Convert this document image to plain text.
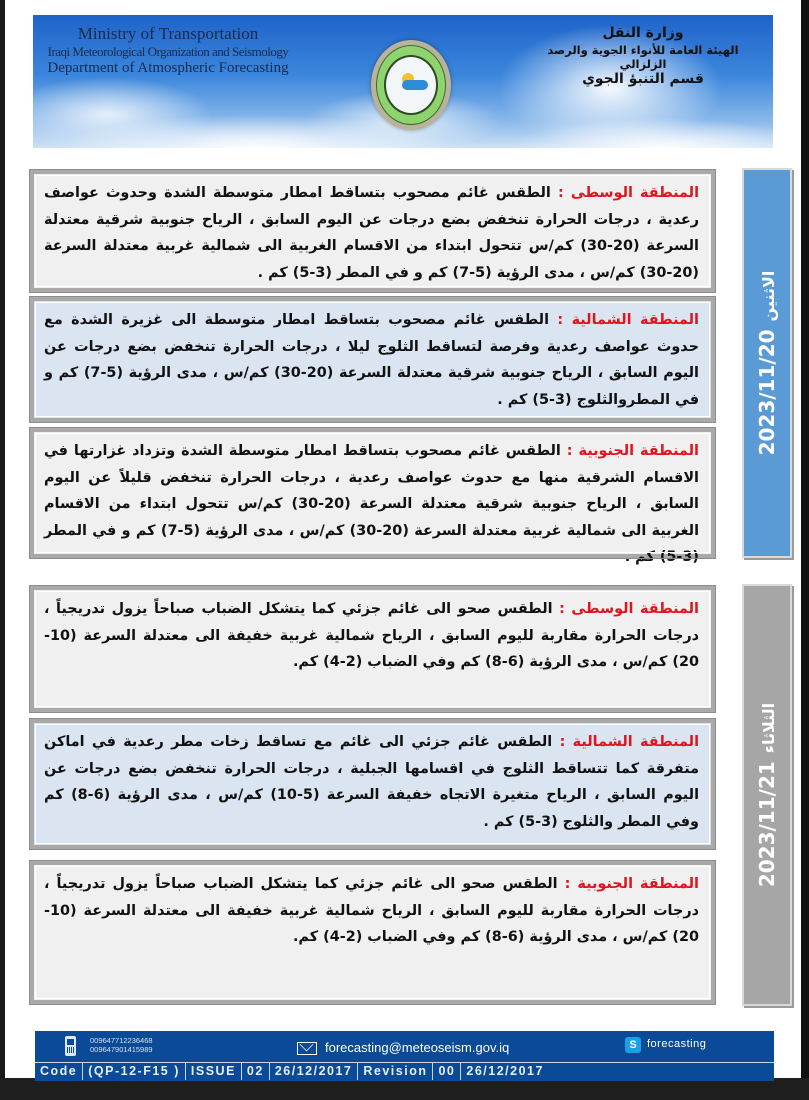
Ministry of Transportation
Iraqi Meteorological Organization and Seismology
Department of Atmospheric Forecasting
وزارة النقل
الهيئة العامة للأنواء الجوية والرصد الزلزالي
قسم التنبؤ الجوي
المنطقة الوسطى : الطقس غائم مصحوب بتساقط امطار متوسطة الشدة وحدوث عواصف رعدية ، درجات الحرارة تنخفض بضع درجات عن اليوم السابق ، الرياح جنوبية شرقية معتدلة السرعة (20-30) كم/س تتحول ابتداء من الاقسام الغربية الى شمالية غربية معتدلة السرعة (20-30) كم/س ، مدى الرؤية (5-7) كم و في المطر (3-5) كم .
المنطقة الشمالية : الطقس غائم مصحوب بتساقط امطار متوسطة الى غزيرة الشدة مع حدوث عواصف رعدية وفرصة لتساقط الثلوج ليلا ، درجات الحرارة تنخفض بضع درجات عن اليوم السابق ، الرياح جنوبية شرقية معتدلة السرعة (20-30) كم/س ، مدى الرؤية (5-7) كم و في المطروالثلوج (3-5) كم .
المنطقة الجنوبية : الطقس غائم مصحوب بتساقط امطار متوسطة الشدة وتزداد غزارتها في الاقسام الشرقية منها مع حدوث عواصف رعدية ، درجات الحرارة تنخفض قليلاً عن اليوم السابق ، الرياح جنوبية شرقية معتدلة السرعة (20-30) كم/س تتحول ابتداء من الاقسام الغربية الى شمالية غربية معتدلة السرعة (20-30) كم/س ، مدى الرؤية (5-7) كم و في المطر (3-5) كم .
2023/11/20الاثنين
المنطقة الوسطى : الطقس صحو الى غائم جزئي كما يتشكل الضباب صباحاً يزول تدريجياً ، درجات الحرارة مقاربة لليوم السابق ، الرياح شمالية غربية خفيفة الى معتدلة السرعة (10-20) كم/س ، مدى الرؤية (6-8) كم وفي الضباب (2-4) كم.
المنطقة الشمالية : الطقس غائم جزئي الى غائم مع تساقط زخات مطر رعدية في اماكن متفرقة كما تتساقط الثلوج في اقسامها الجبلية ، درجات الحرارة تنخفض بضع درجات عن اليوم السابق ، الرياح متغيرة الاتجاه خفيفة السرعة (5-10) كم/س ، مدى الرؤية (6-8) كم وفي المطر والثلوج (3-5) كم .
المنطقة الجنوبية : الطقس صحو الى غائم جزئي كما يتشكل الضباب صباحاً يزول تدريجياً ، درجات الحرارة مقاربة لليوم السابق ، الرياح شمالية غربية خفيفة الى معتدلة السرعة (10-20) كم/س ، مدى الرؤية (6-8) كم وفي الضباب (2-4) كم.
2023/11/21الثلاثاء
009647712236468
009647901415989	forecasting@meteoseism.gov.iq	S forecasting
Code (QP-12-F15 ) ISSUE 02 26/12/2017 Revision 00 26/12/2017
